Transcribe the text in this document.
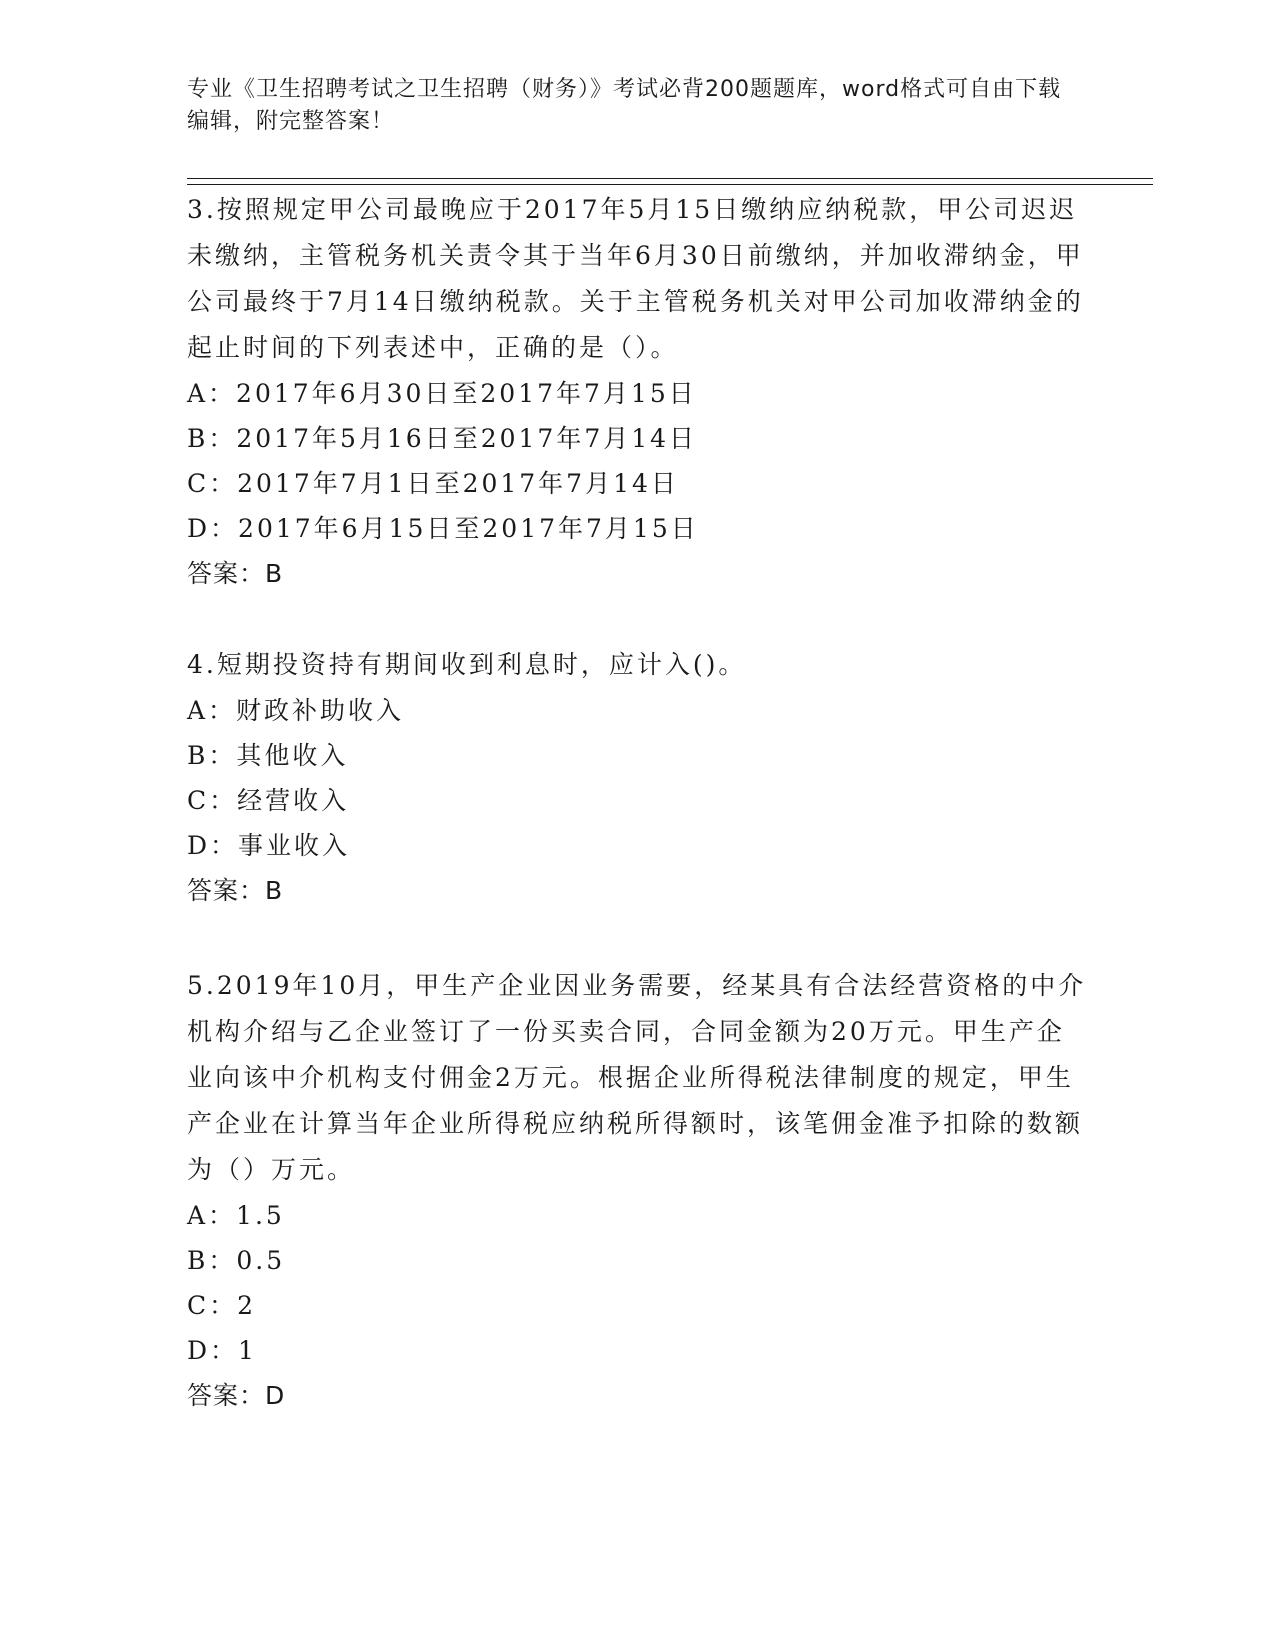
专业《卫生招聘考试之卫生招聘（财务）》考试必背200题题库，word格式可自由下载编辑，附完整答案！

3.按照规定甲公司最晚应于2017年5月15日缴纳应纳税款，甲公司迟迟未缴纳，主管税务机关责令其于当年6月30日前缴纳，并加收滞纳金，甲公司最终于7月14日缴纳税款。关于主管税务机关对甲公司加收滞纳金的起止时间的下列表述中，正确的是（）。

A：2017年6月30日至2017年7月15日

B：2017年5月16日至2017年7月14日

C：2017年7月1日至2017年7月14日

D：2017年6月15日至2017年7月15日

答案：B

4.短期投资持有期间收到利息时，应计入()。

A：财政补助收入

B：其他收入

C：经营收入

D：事业收入

答案：B

5.2019年10月，甲生产企业因业务需要，经某具有合法经营资格的中介机构介绍与乙企业签订了一份买卖合同，合同金额为20万元。甲生产企业向该中介机构支付佣金2万元。根据企业所得税法律制度的规定，甲生产企业在计算当年企业所得税应纳税所得额时，该笔佣金准予扣除的数额为（）万元。

A：1.5

B：0.5

C：2

D：1

答案：D
